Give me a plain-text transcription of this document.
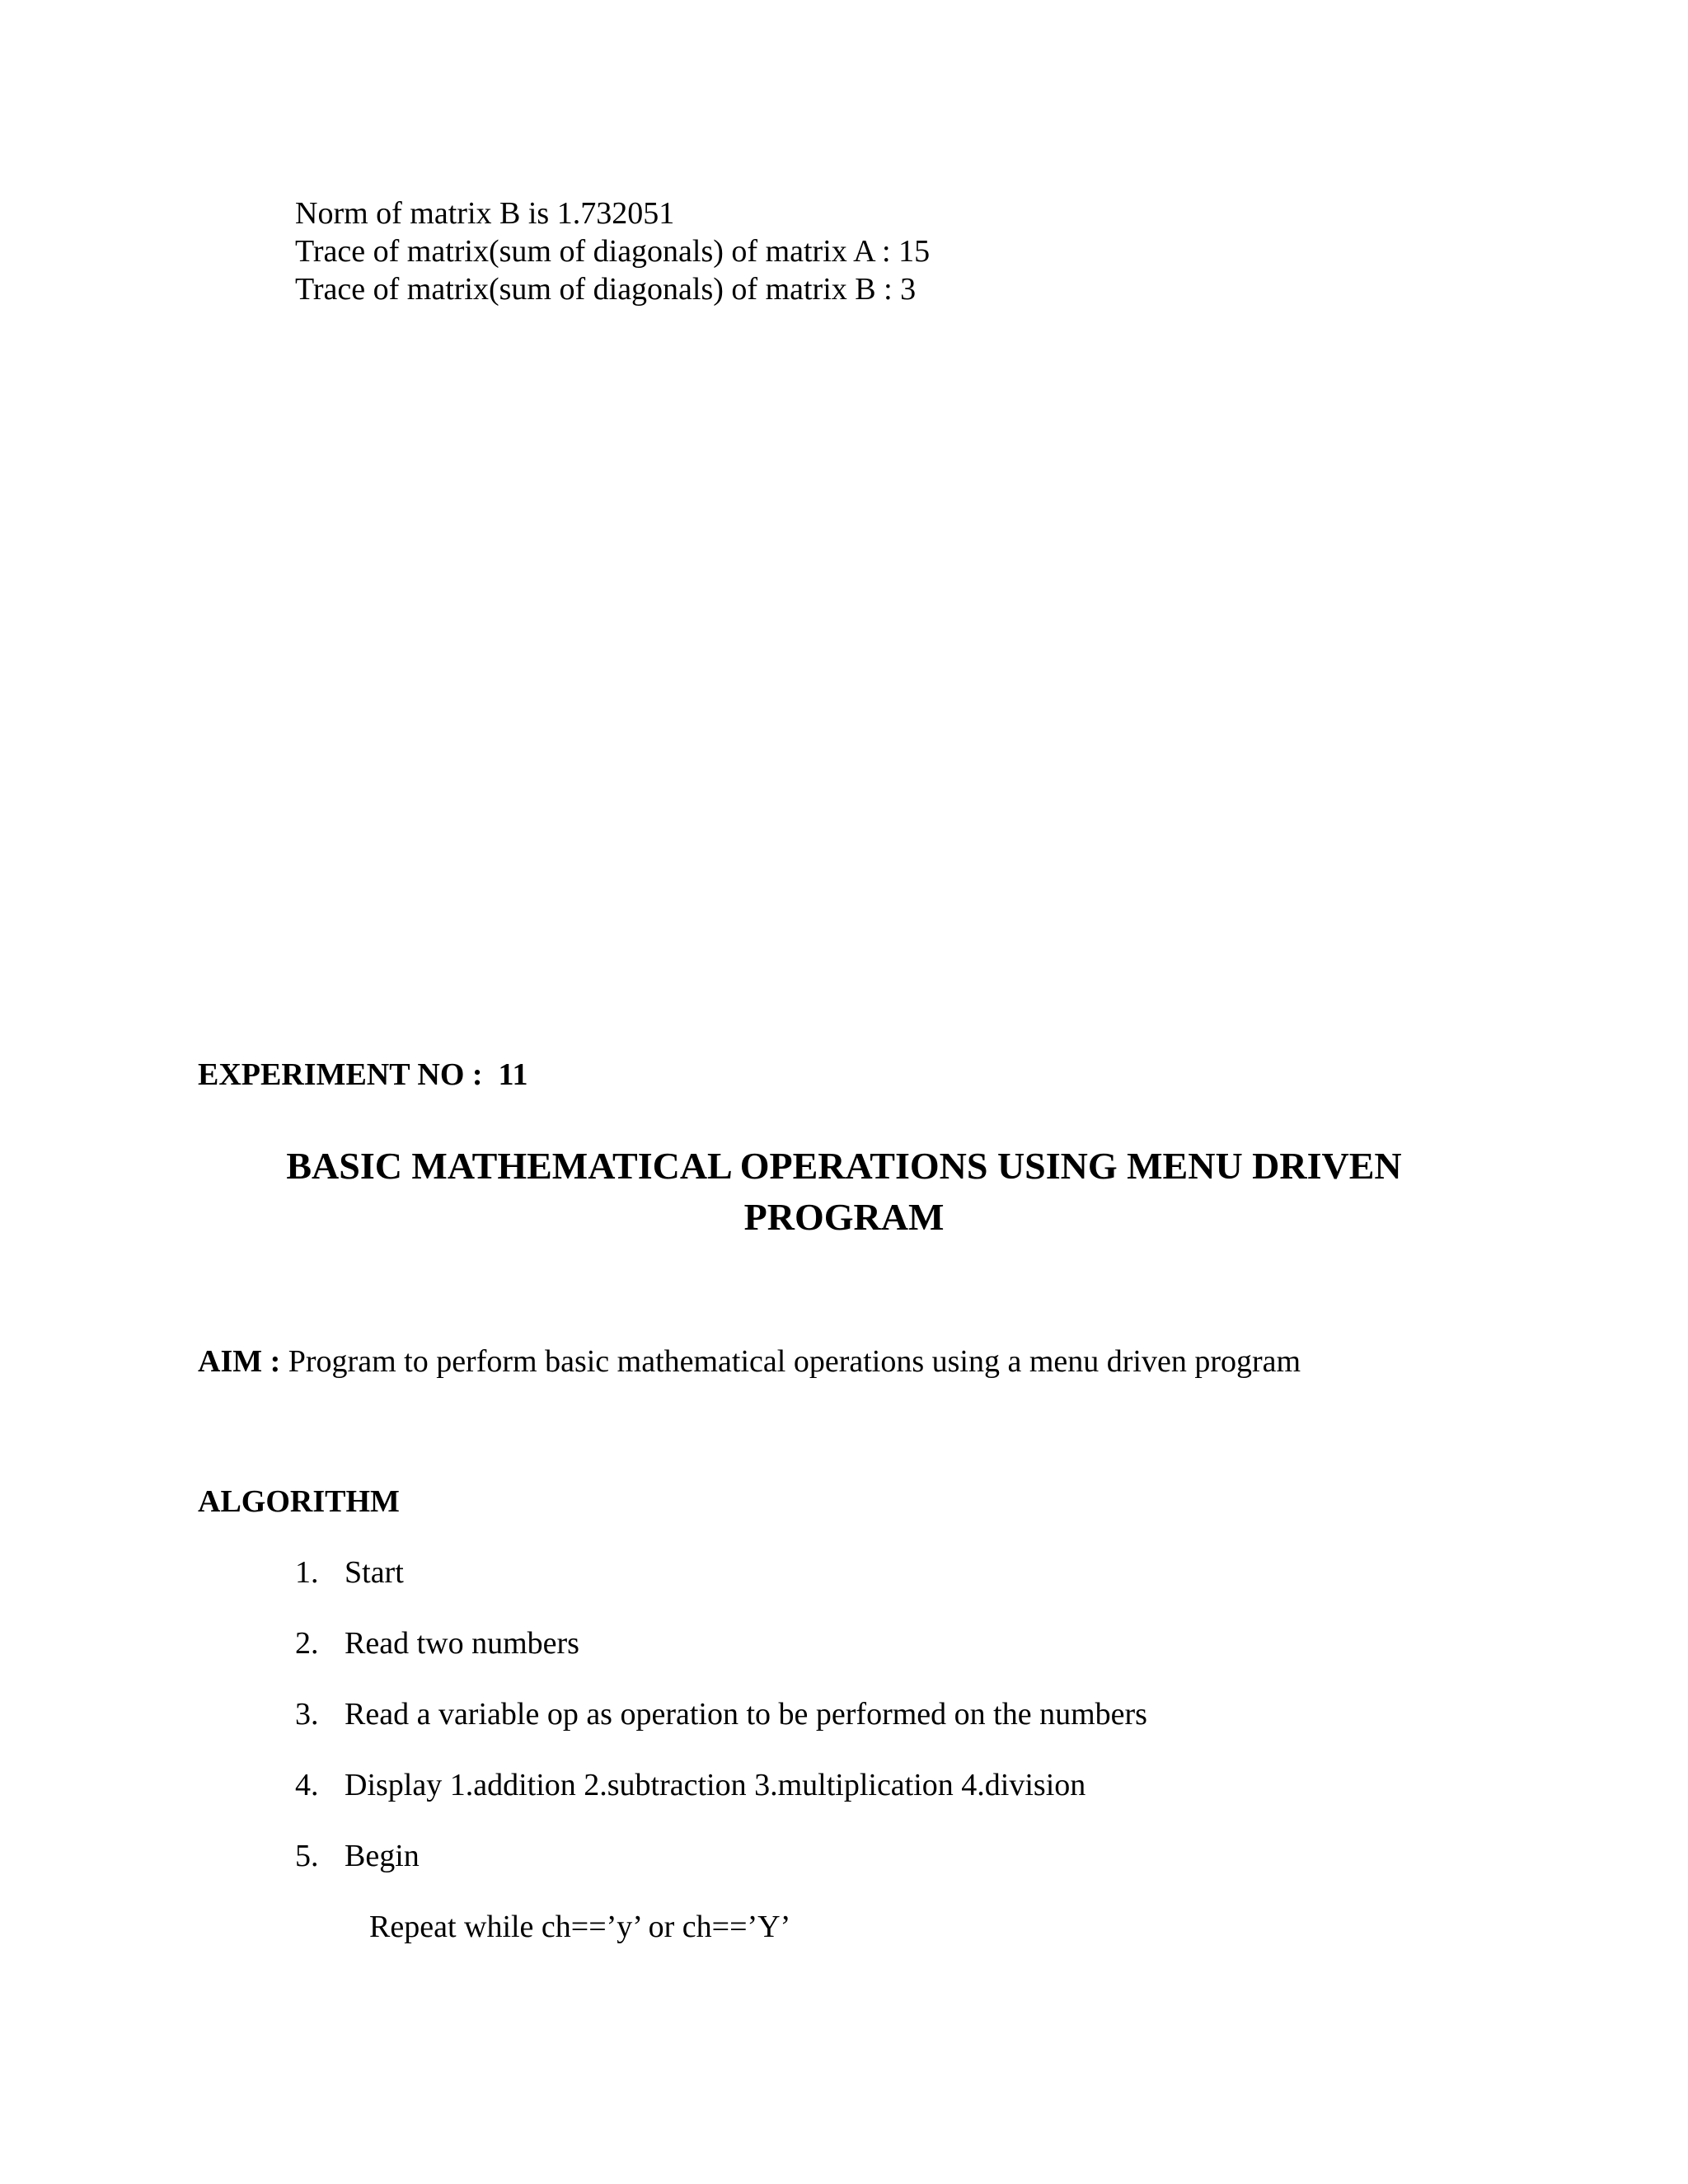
Norm of matrix B is 1.732051
Trace of matrix(sum of diagonals) of matrix A : 15
Trace of matrix(sum of diagonals) of matrix B : 3
EXPERIMENT NO :  11
BASIC MATHEMATICAL OPERATIONS USING MENU DRIVEN
PROGRAM
AIM : Program to perform basic mathematical operations using a menu driven program
ALGORITHM
1. Start
2. Read two numbers
3. Read a variable op as operation to be performed on the numbers
4. Display 1.addition 2.subtraction 3.multiplication 4.division
5. Begin
Repeat while ch==’y’ or ch==’Y’
